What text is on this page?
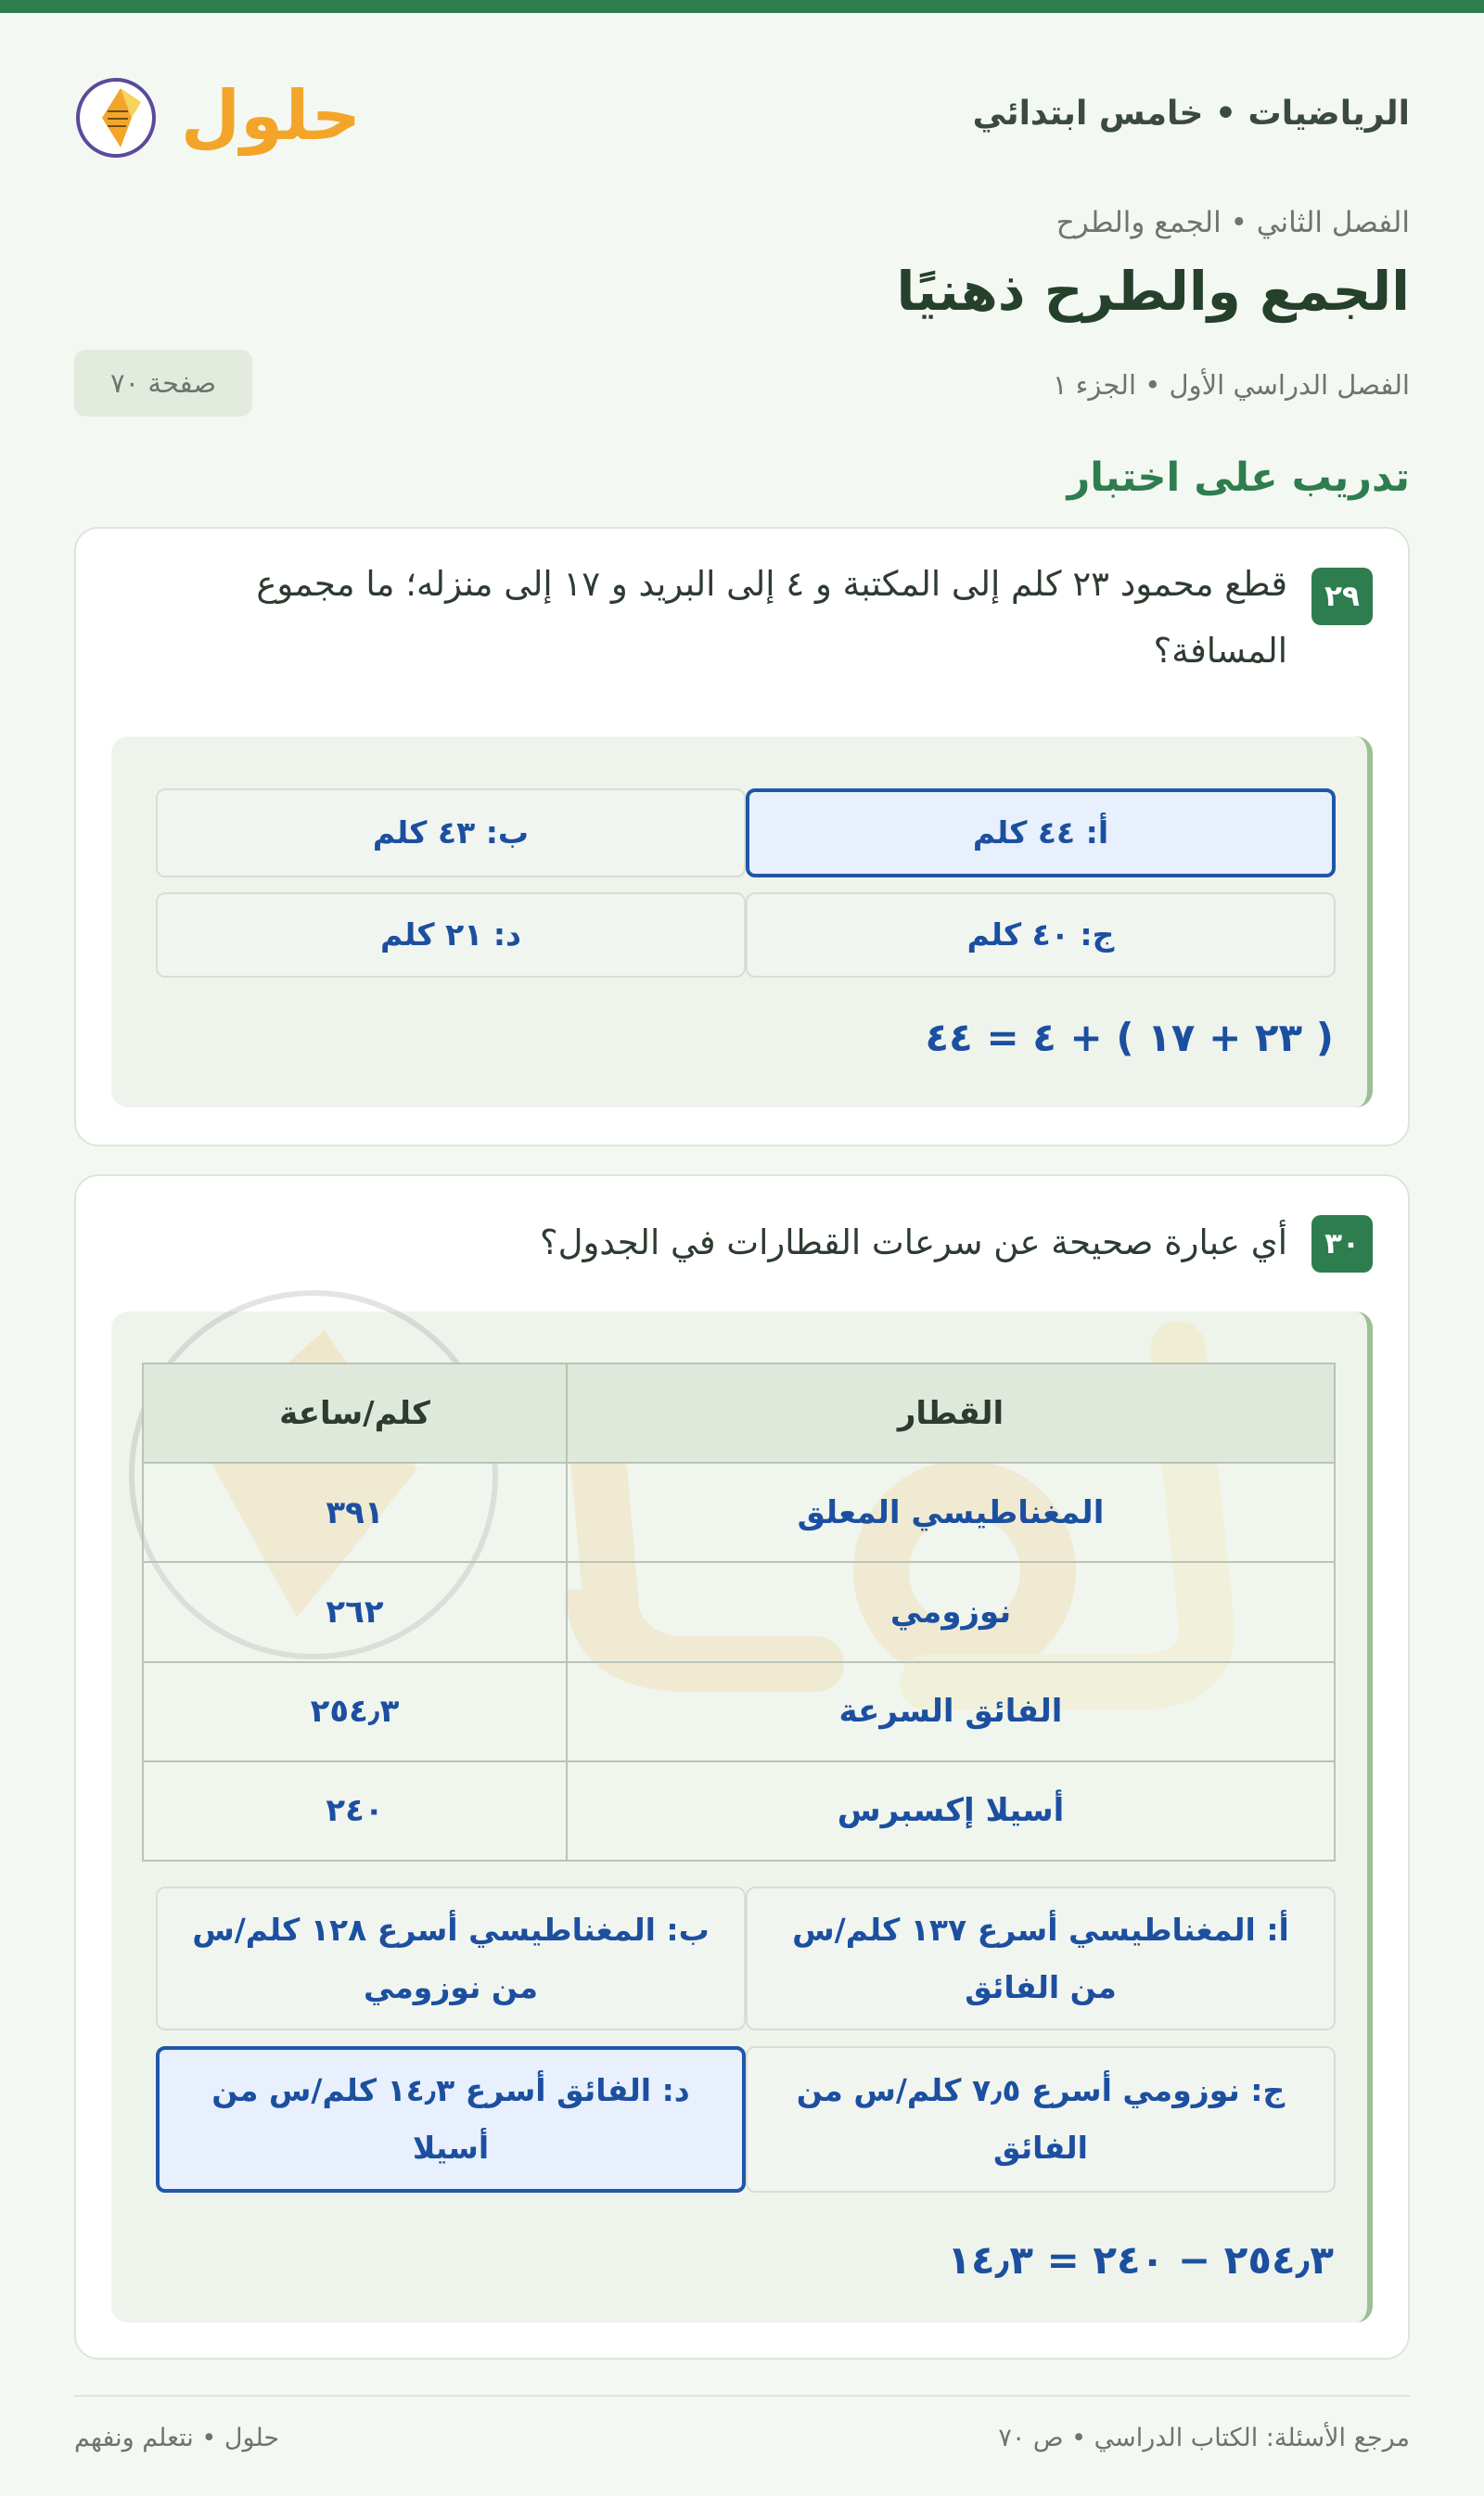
الرياضيات • خامس ابتدائي
حلول
الفصل الثاني • الجمع والطرح
الجمع والطرح ذهنيًا
الفصل الدراسي الأول • الجزء ١
صفحة ٧٠
تدريب على اختبار
٢٩
قطع محمود ٢٣ كلم إلى المكتبة و ٤ إلى البريد و ١٧ إلى منزله؛ ما مجموع المسافة؟
أ: ٤٤ كلم
ب: ٤٣ كلم
ج: ٤٠ كلم
د: ٢١ كلم
( ٢٣ + ١٧ ) + ٤ = ٤٤
٣٠
أي عبارة صحيحة عن سرعات القطارات في الجدول؟
القطار	كلم/ساعة
المغناطيسي المعلق	٣٩١
نوزومي	٢٦٢
الفائق السرعة	٢٥٤٫٣
أسيلا إكسبرس	٢٤٠
أ: المغناطيسي أسرع ١٣٧ كلم/س من الفائق
ب: المغناطيسي أسرع ١٢٨ كلم/س من نوزومي
ج: نوزومي أسرع ٧٫٥ كلم/س من الفائق
د: الفائق أسرع ١٤٫٣ كلم/س من أسيلا
٢٥٤٫٣ − ٢٤٠ = ١٤٫٣
مرجع الأسئلة: الكتاب الدراسي • ص ٧٠
حلول • نتعلم ونفهم
